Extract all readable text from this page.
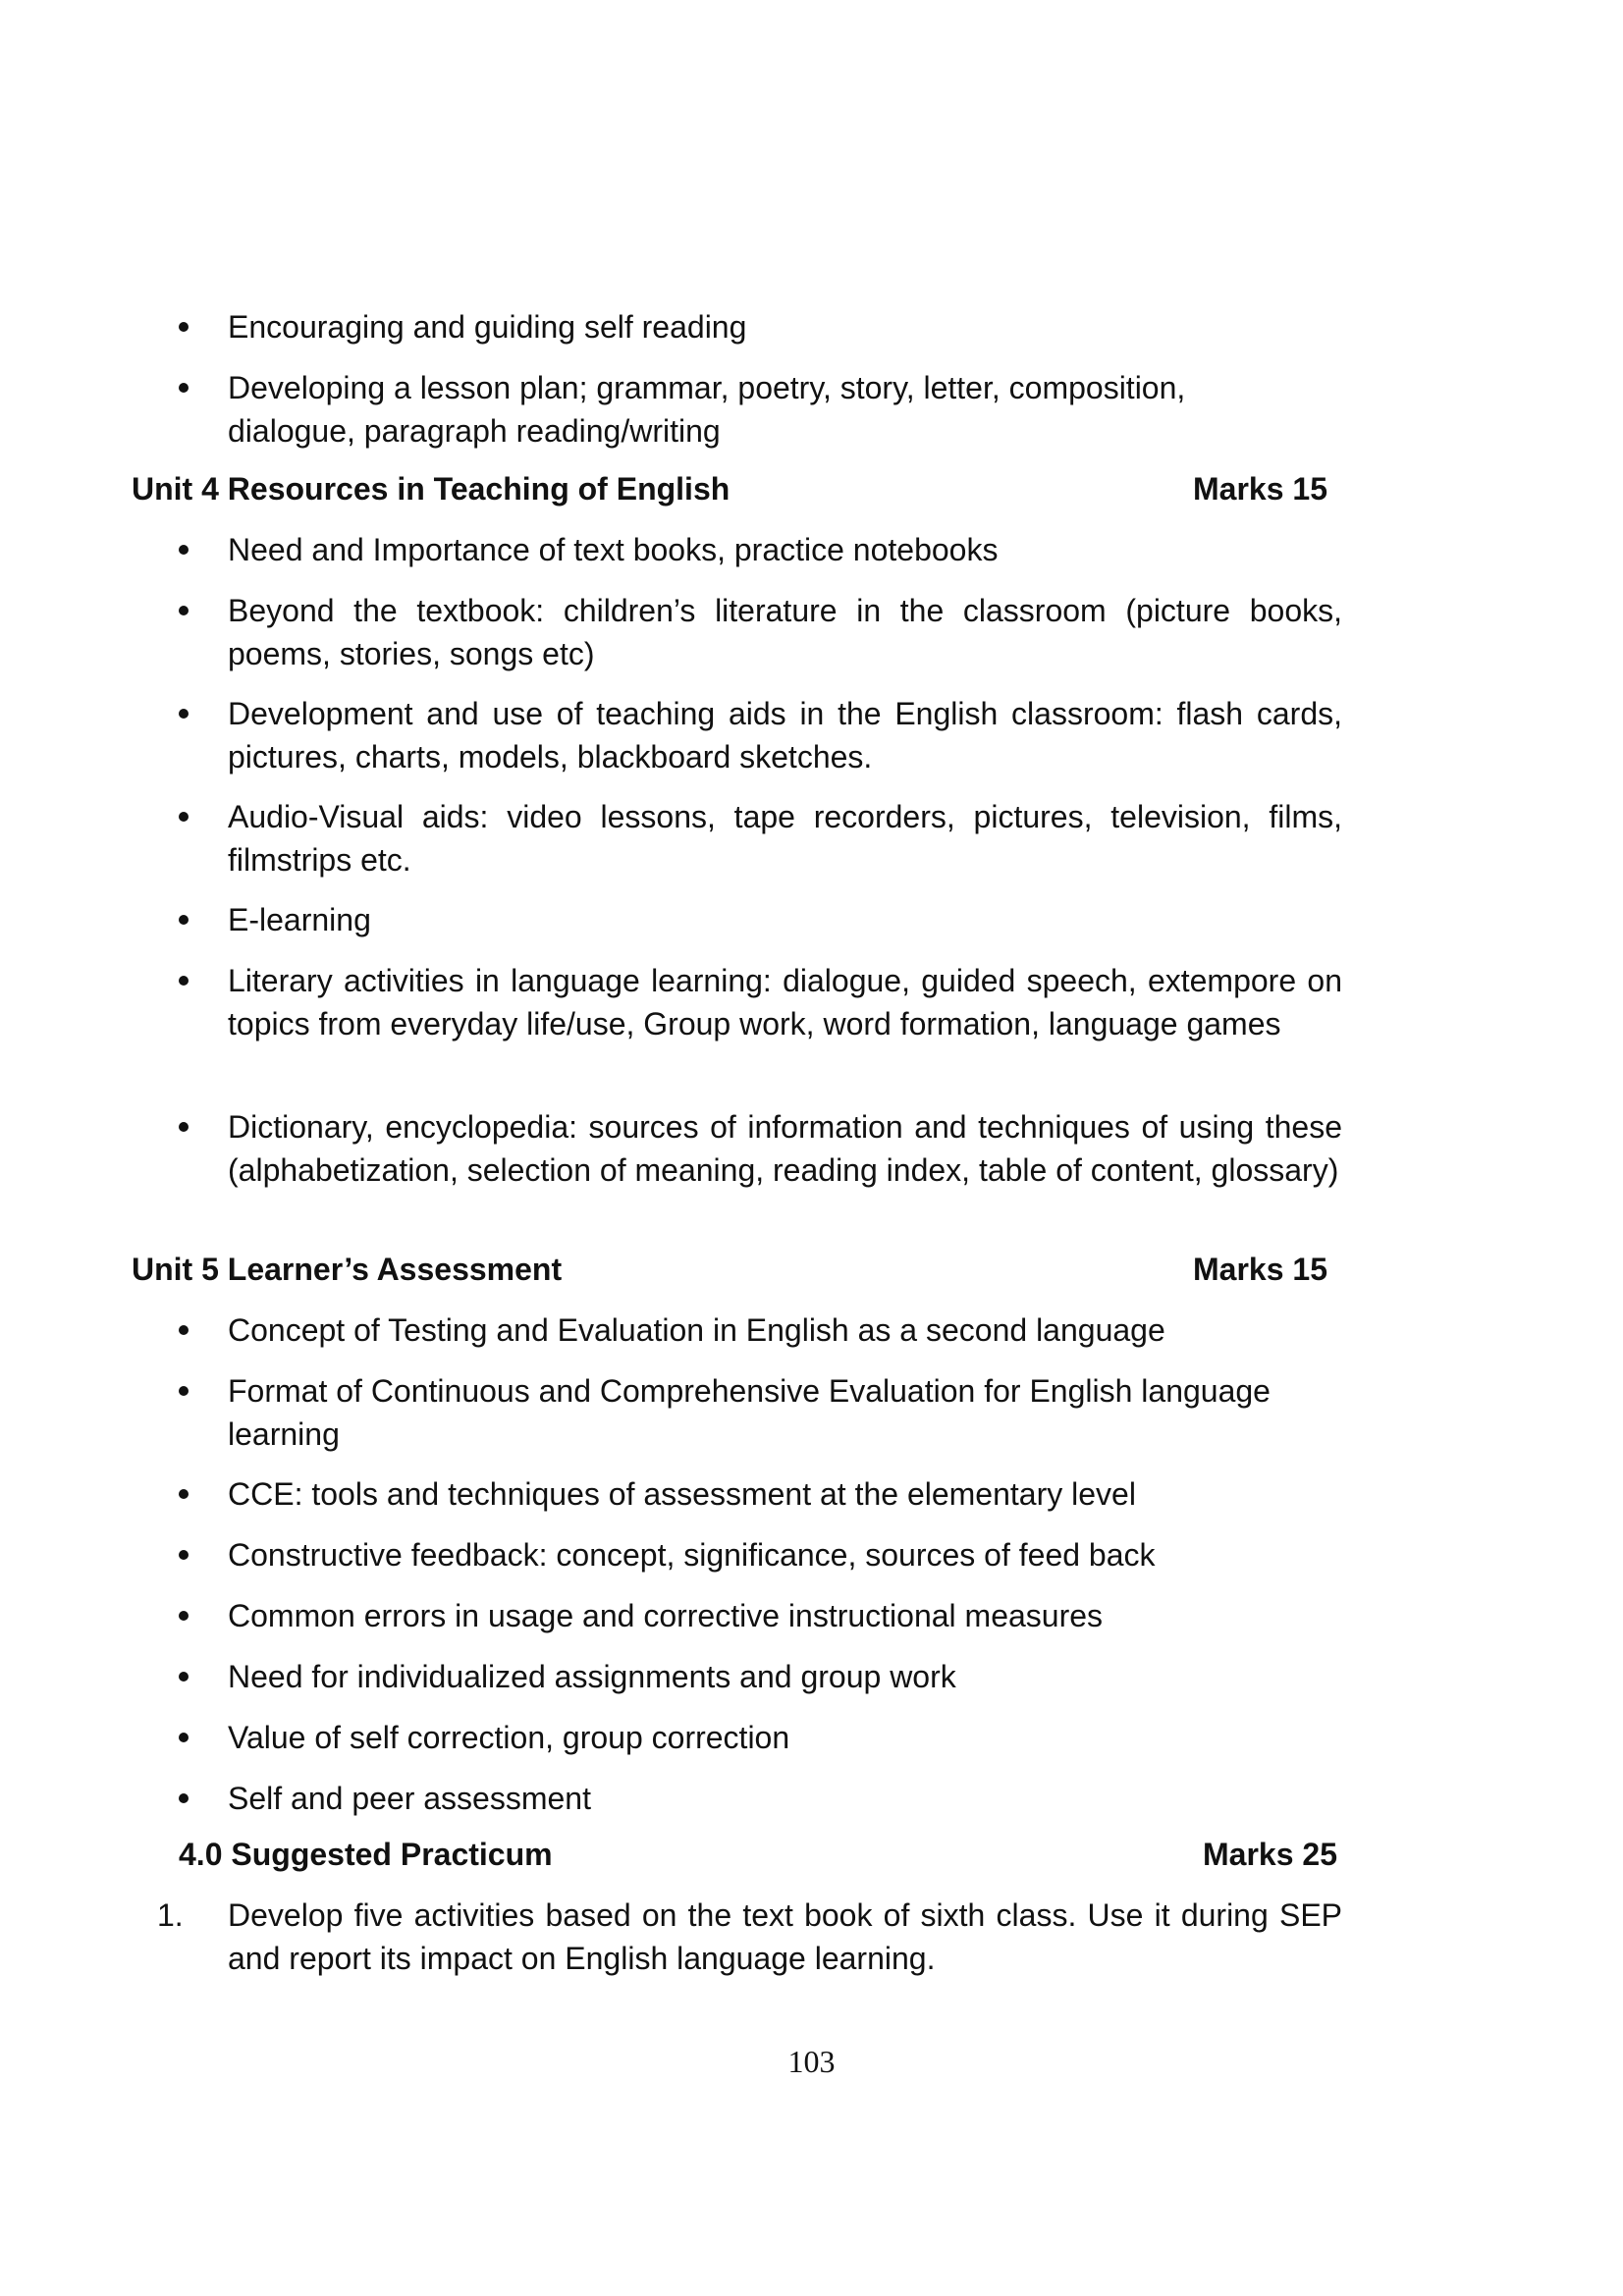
Encouraging and guiding self reading
Developing a lesson plan; grammar, poetry, story, letter, composition, dialogue, paragraph reading/writing
Unit 4 Resources in Teaching of English	Marks 15
Need and Importance of text books, practice notebooks
Beyond the textbook: children’s literature in the classroom (picture books, poems, stories, songs etc)
Development and use of teaching aids in the English classroom: flash cards, pictures, charts, models, blackboard sketches.
Audio-Visual aids: video lessons, tape recorders, pictures, television, films, filmstrips etc.
E-learning
Literary activities in language learning: dialogue, guided speech, extempore on topics from everyday life/use, Group work, word formation, language games
Dictionary, encyclopedia: sources of information and techniques of using these (alphabetization, selection of meaning, reading index, table of content, glossary)
Unit 5 Learner’s Assessment	Marks 15
Concept of Testing and Evaluation in English as a second language
Format of Continuous and Comprehensive Evaluation for English language learning
CCE: tools and techniques of assessment at the elementary level
Constructive feedback: concept, significance, sources of feed back
Common errors in usage and corrective instructional measures
Need for individualized assignments and group work
Value of self correction, group correction
Self and peer assessment
4.0 Suggested Practicum	Marks 25
1. Develop five activities based on the text book of sixth class. Use it during SEP and report its impact on English language learning.
103
